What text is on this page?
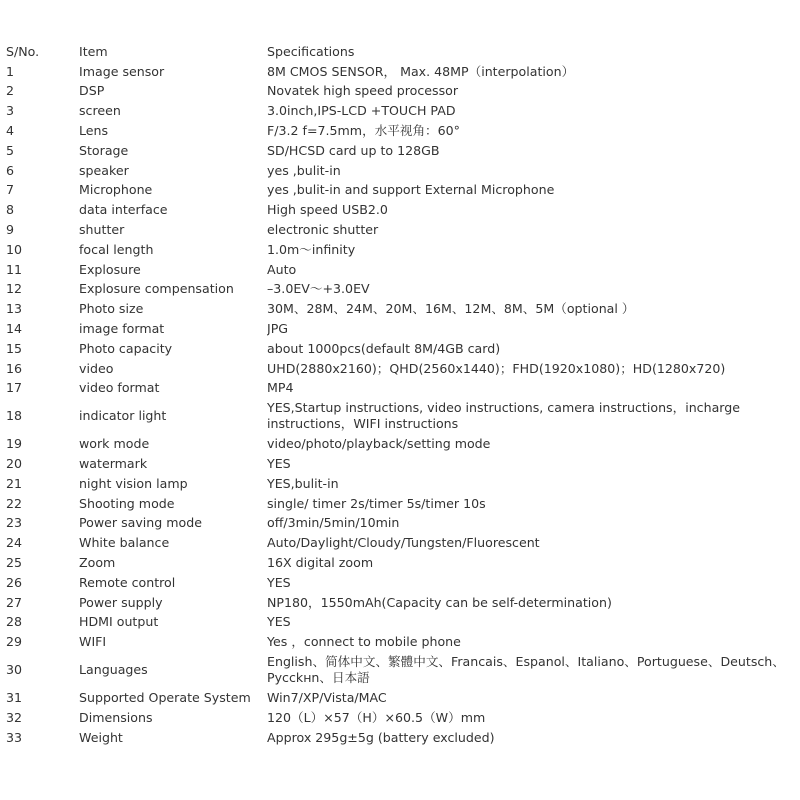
S/No.	Item	Specifications
1	Image sensor	8M CMOS SENSOR， Max. 48MP（interpolation）
2	DSP	Novatek high speed processor
3	screen	3.0inch,IPS-LCD +TOUCH PAD
4	Lens	F/3.2 f=7.5mm，水平视角：60°
5	Storage	SD/HCSD card up to 128GB
6	speaker	yes ,bulit-in
7	Microphone	yes ,bulit-in and support External Microphone
8	data interface	High speed USB2.0
9	shutter	electronic shutter
10	focal length	1.0m～infinity
11	Explosure	Auto
12	Explosure compensation	–3.0EV～+3.0EV
13	Photo size	30M、28M、24M、20M、16M、12M、8M、5M（optional ）
14	image format	JPG
15	Photo capacity	about 1000pcs(default 8M/4GB card)
16	video	UHD(2880x2160)；QHD(2560x1440)；FHD(1920x1080)；HD(1280x720)
17	video format	MP4
18	indicator light	YES,Startup instructions, video instructions, camera instructions，incharge instructions，WIFI instructions
19	work mode	video/photo/playback/setting mode
20	watermark	YES
21	night vision lamp	YES,bulit-in
22	Shooting mode	single/ timer 2s/timer 5s/timer 10s
23	Power saving mode	off/3min/5min/10min
24	White balance	Auto/Daylight/Cloudy/Tungsten/Fluorescent
25	Zoom	16X digital zoom
26	Remote control	YES
27	Power supply	NP180，1550mAh(Capacity can be self-determination)
28	HDMI output	YES
29	WIFI	Yes ，connect to mobile phone
30	Languages	English、简体中文、繁體中文、Francais、Espanol、Italiano、Portuguese、Deutsch、Pycckнn、日本語
31	Supported Operate System	Win7/XP/Vista/MAC
32	Dimensions	120（L）×57（H）×60.5（W）mm
33	Weight	Approx 295g±5g (battery excluded)
